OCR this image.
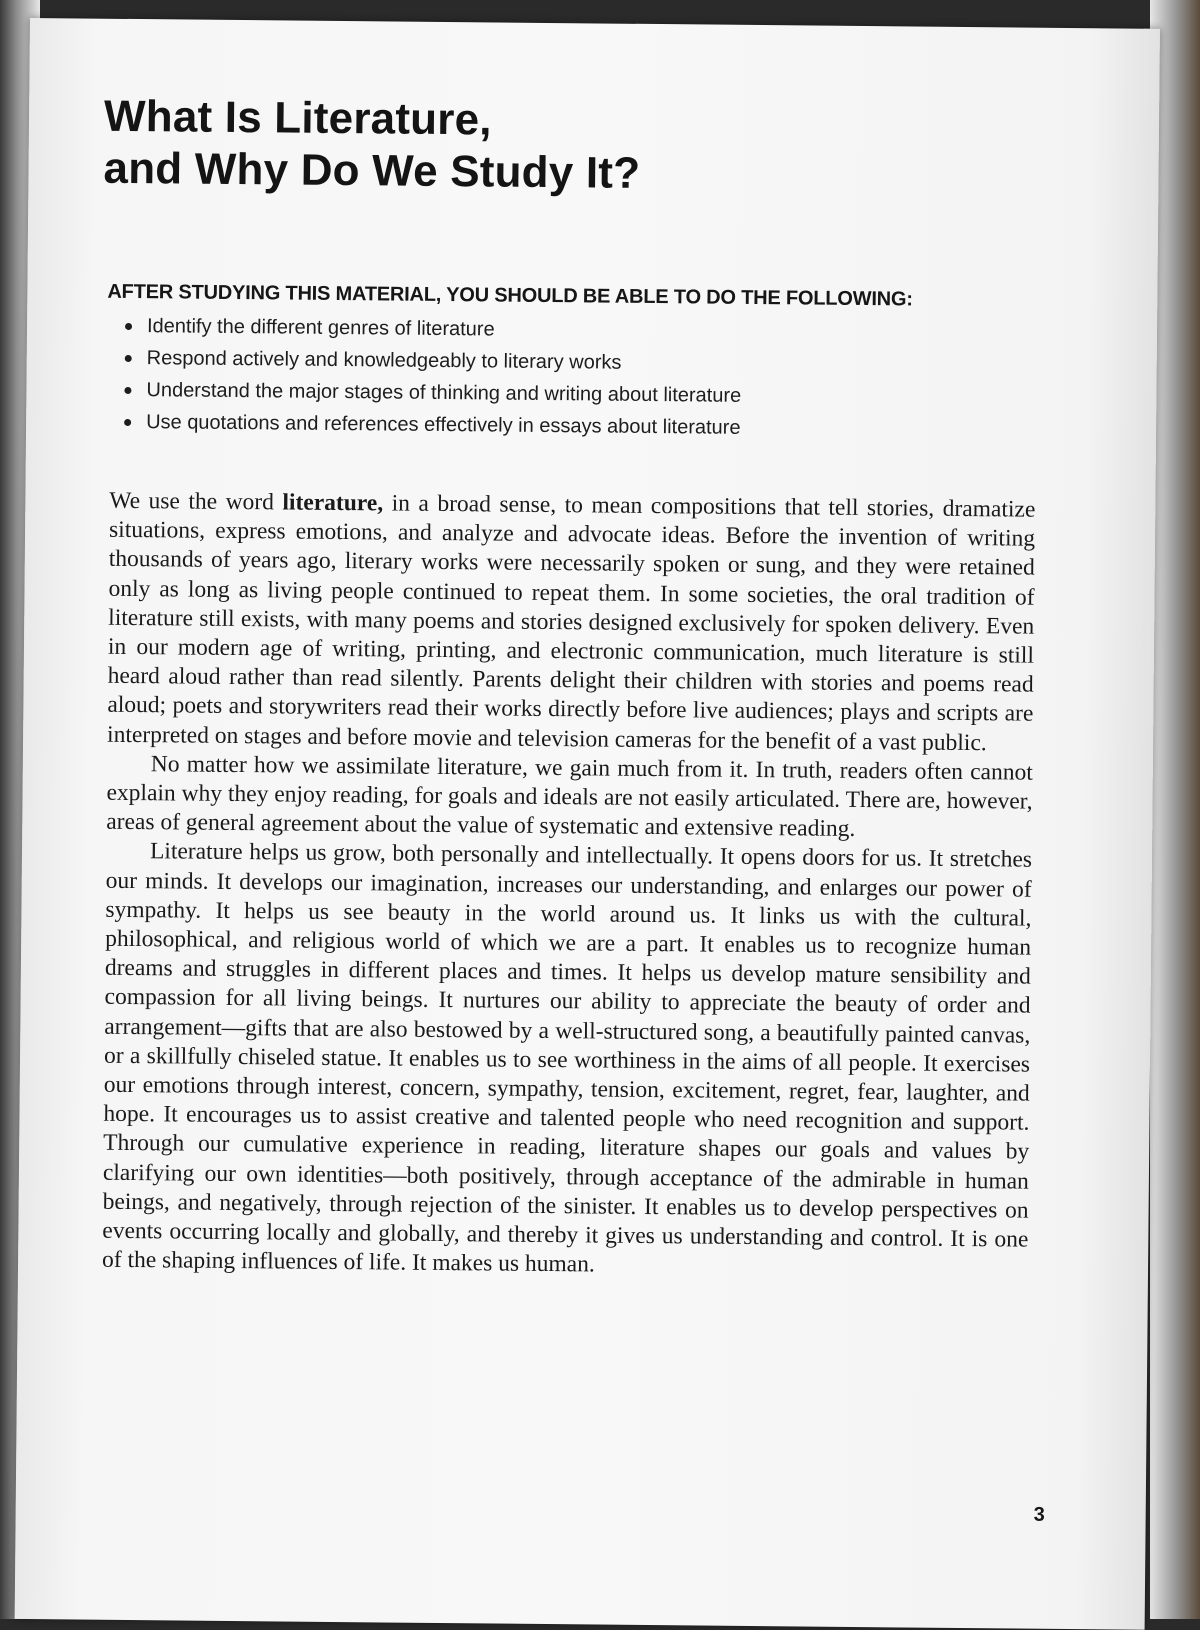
What Is Literature,
and Why Do We Study It?
AFTER STUDYING THIS MATERIAL, YOU SHOULD BE ABLE TO DO THE FOLLOWING:
Identify the different genres of literature
Respond actively and knowledgeably to literary works
Understand the major stages of thinking and writing about literature
Use quotations and references effectively in essays about literature

We use the word literature, in a broad sense, to mean compositions that tell stories, dramatize situations, express emotions, and analyze and advocate ideas. Before the invention of writing thousands of years ago, literary works were necessarily spoken or sung, and they were retained only as long as living people continued to repeat them. In some societies, the oral tradition of literature still exists, with many poems and stories designed exclusively for spoken delivery. Even in our modern age of writing, printing, and electronic communication, much literature is still heard aloud rather than read silently. Parents delight their children with stories and poems read aloud; poets and storywriters read their works directly before live audiences; plays and scripts are interpreted on stages and before movie and television cameras for the benefit of a vast public.

No matter how we assimilate literature, we gain much from it. In truth, readers often cannot explain why they enjoy reading, for goals and ideals are not easily articulated. There are, however, areas of general agreement about the value of systematic and extensive reading.

Literature helps us grow, both personally and intellectually. It opens doors for us. It stretches our minds. It develops our imagination, increases our understanding, and enlarges our power of sympathy. It helps us see beauty in the world around us. It links us with the cultural, philosophical, and religious world of which we are a part. It enables us to recognize human dreams and struggles in different places and times. It helps us develop mature sensibility and compassion for all living beings. It nurtures our ability to appreciate the beauty of order and arrangement—gifts that are also bestowed by a well-structured song, a beautifully painted canvas, or a skillfully chiseled statue. It enables us to see worthiness in the aims of all people. It exercises our emotions through interest, concern, sympathy, tension, excitement, regret, fear, laughter, and hope. It encourages us to assist creative and talented people who need recognition and support. Through our cumulative experience in reading, literature shapes our goals and values by clarifying our own identities—both positively, through acceptance of the admirable in human beings, and negatively, through rejection of the sinister. It enables us to develop perspectives on events occurring locally and globally, and thereby it gives us understanding and control. It is one of the shaping influences of life. It makes us human.

3
